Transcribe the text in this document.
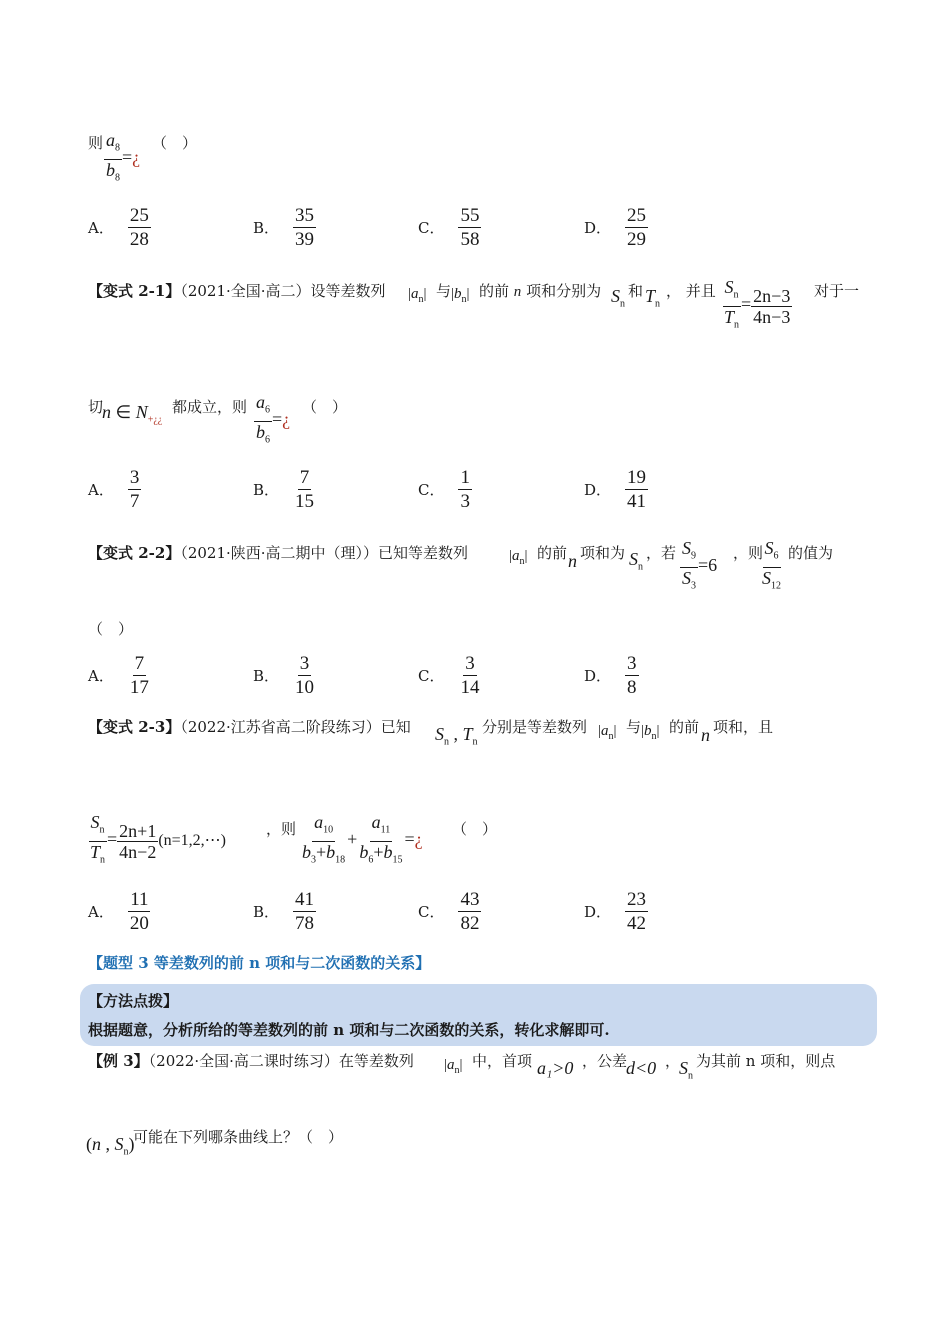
则 $\frac{a_8}{b_8}$ =¿
（　）
A． $\frac{25}{28}$	B． $\frac{35}{39}$	C． $\frac{55}{58}$	D． $\frac{25}{29}$
【变式 2-1】（2021·全国·高二）设等差数列 $|a_n|$ 与 $|b_n|$ 的前 n 项和分别为 $S_n$
和 $T_n$
， 并且 $\frac{S_n}{T_n} = \frac{2n-3}{4n-3}$ 对于一
切
n ∈ $N_{+¿¿}$
都成立，则 $\frac{a_6}{b_6}$ =¿
（　）
A． $\frac{3}{7}$	B． $\frac{7}{15}$	C． $\frac{1}{3}$	D． $\frac{19}{41}$
【变式 2-2】（2021·陕西·高二期中（理））已知等差数列	$|a_n|$ 的前 n 项和为 $S_n$
，若 $\frac{S_9}{S_3} =6$
，则
$\frac{S_6}{S_{12}}$ 的值为
（　）
A． $\frac{7}{17}$	B． $\frac{3}{10}$	C． $\frac{3}{14}$	D． $\frac{3}{8}$
【变式 2-3】（2022·江苏省高二阶段练习）已知 $S_n$ , $T_n$
分别是等差数列 $|a_n|$ 与 $|b_n|$ 的前 n 项和，且
$\frac{S_n}{T_n} = \frac{2n+1}{4n-2}$ (n=1,2,⋯)
，则 $\frac{a_{10}}{b_3+b_{18}} + \frac{a_{11}}{b_6+b_{15}}$ =¿
（　）
A． $\frac{11}{20}$	B． $\frac{41}{78}$	C． $\frac{43}{82}$	D． $\frac{23}{42}$
【题型 3 等差数列的前 n 项和与二次函数的关系】
【方法点拨】
根据题意，分析所给的等差数列的前 n 项和与二次函数的关系，转化求解即可.
【例 3】（2022·全国·高二课时练习）在等差数列 $|a_n|$ 中，首项 a₁>0 ，公差
d<0 ，
$S_n$
为其前 n 项和，则点
(n , $S_n$)
可能在下列哪条曲线上？（　）
